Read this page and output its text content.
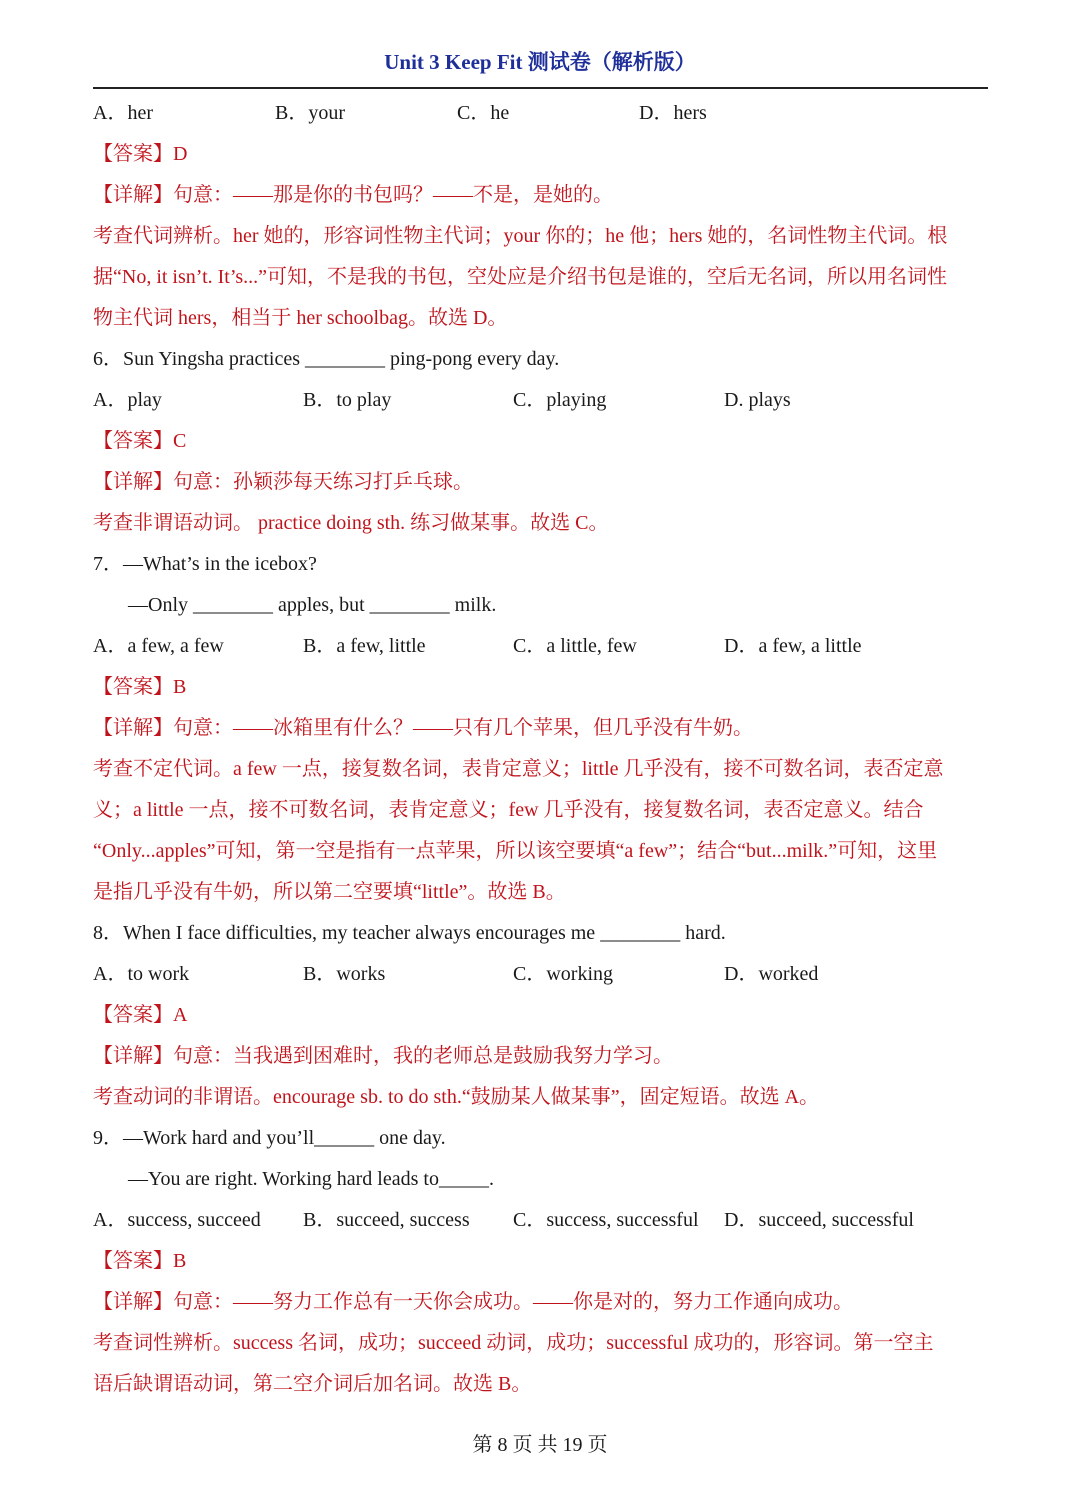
Unit 3 Keep Fit 测试卷（解析版）
A．her	B．your	C．he	D．hers
【答案】D
【详解】句意：——那是你的书包吗？——不是，是她的。
考查代词辨析。her 她的，形容词性物主代词；your 你的；he 他；hers 她的，名词性物主代词。根
据“No, it isn’t. It’s...”可知，不是我的书包，空处应是介绍书包是谁的，空后无名词，所以用名词性
物主代词 hers，相当于 her schoolbag。故选 D。
6．Sun Yingsha practices ________ ping-pong every day.
A．play	B．to play	C．playing	D. plays
【答案】C
【详解】句意：孙颖莎每天练习打乒乓球。
考查非谓语动词。 practice doing sth. 练习做某事。故选 C。
7．—What’s in the icebox?
—Only ________ apples, but ________ milk.
A．a few, a few	B．a few, little	C．a little, few	D．a few, a little
【答案】B
【详解】句意：——冰箱里有什么？——只有几个苹果，但几乎没有牛奶。
考查不定代词。a few 一点，接复数名词，表肯定意义；little 几乎没有，接不可数名词，表否定意
义；a little 一点，接不可数名词，表肯定意义；few 几乎没有，接复数名词，表否定意义。结合
“Only...apples”可知，第一空是指有一点苹果，所以该空要填“a few”；结合“but...milk.”可知，这里
是指几乎没有牛奶，所以第二空要填“little”。故选 B。
8．When I face difficulties, my teacher always encourages me ________ hard.
A．to work	B．works	C．working	D．worked
【答案】A
【详解】句意：当我遇到困难时，我的老师总是鼓励我努力学习。
考查动词的非谓语。encourage sb. to do sth.“鼓励某人做某事”，固定短语。故选 A。
9．—Work hard and you’ll______ one day.
—You are right. Working hard leads to_____.
A．success, succeed	B．succeed, success	C．success, successful	D．succeed, successful
【答案】B
【详解】句意：——努力工作总有一天你会成功。——你是对的，努力工作通向成功。
考查词性辨析。success 名词，成功；succeed 动词，成功；successful 成功的，形容词。第一空主
语后缺谓语动词，第二空介词后加名词。故选 B。
第 8 页 共 19 页
